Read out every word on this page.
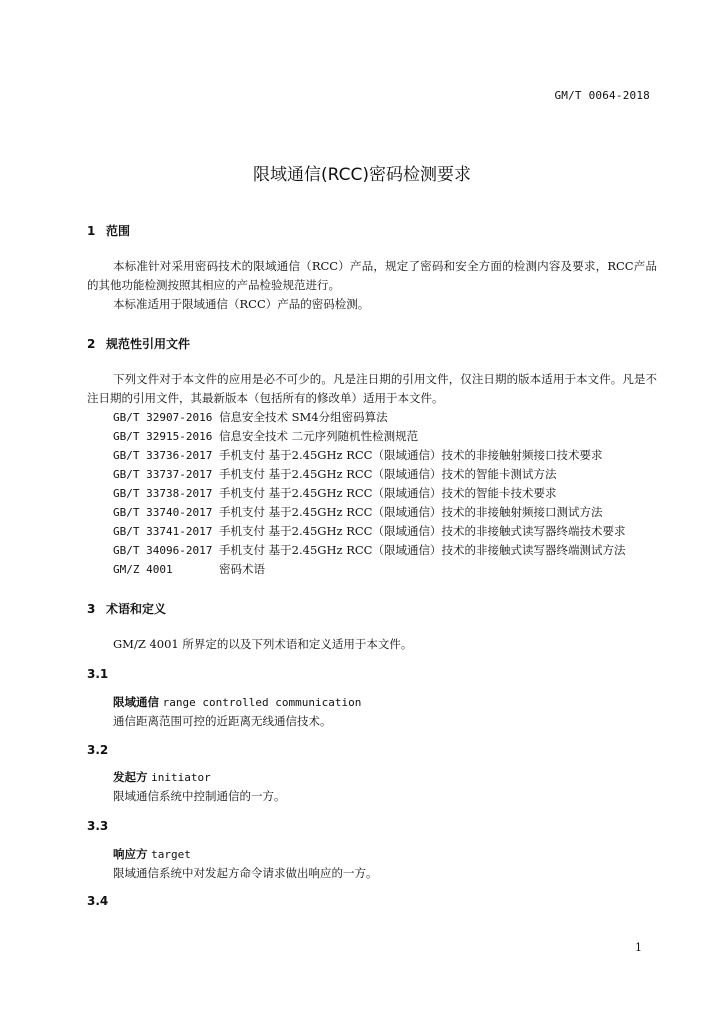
GM/T 0064-2018
限域通信(RCC)密码检测要求
1 范围

本标准针对采用密码技术的限域通信（RCC）产品，规定了密码和安全方面的检测内容及要求，RCC产品的其他功能检测按照其相应的产品检验规范进行。

本标准适用于限域通信（RCC）产品的密码检测。

2 规范性引用文件

下列文件对于本文件的应用是必不可少的。凡是注日期的引用文件，仅注日期的版本适用于本文件。凡是不注日期的引用文件，其最新版本（包括所有的修改单）适用于本文件。

GB/T 32907-2016 信息安全技术 SM4分组密码算法
GB/T 32915-2016 信息安全技术 二元序列随机性检测规范
GB/T 33736-2017 手机支付 基于2.45GHz RCC（限域通信）技术的非接触射频接口技术要求
GB/T 33737-2017 手机支付 基于2.45GHz RCC（限域通信）技术的智能卡测试方法
GB/T 33738-2017 手机支付 基于2.45GHz RCC（限域通信）技术的智能卡技术要求
GB/T 33740-2017 手机支付 基于2.45GHz RCC（限域通信）技术的非接触射频接口测试方法
GB/T 33741-2017 手机支付 基于2.45GHz RCC（限域通信）技术的非接触式读写器终端技术要求
GB/T 34096-2017 手机支付 基于2.45GHz RCC（限域通信）技术的非接触式读写器终端测试方法
GM/Z 4001	密码术语
3 术语和定义

GM/Z 4001 所界定的以及下列术语和定义适用于本文件。

3.1
限域通信 range controlled communication
通信距离范围可控的近距离无线通信技术。
3.2
发起方 initiator
限域通信系统中控制通信的一方。
3.3
响应方 target
限域通信系统中对发起方命令请求做出响应的一方。
3.4
1
